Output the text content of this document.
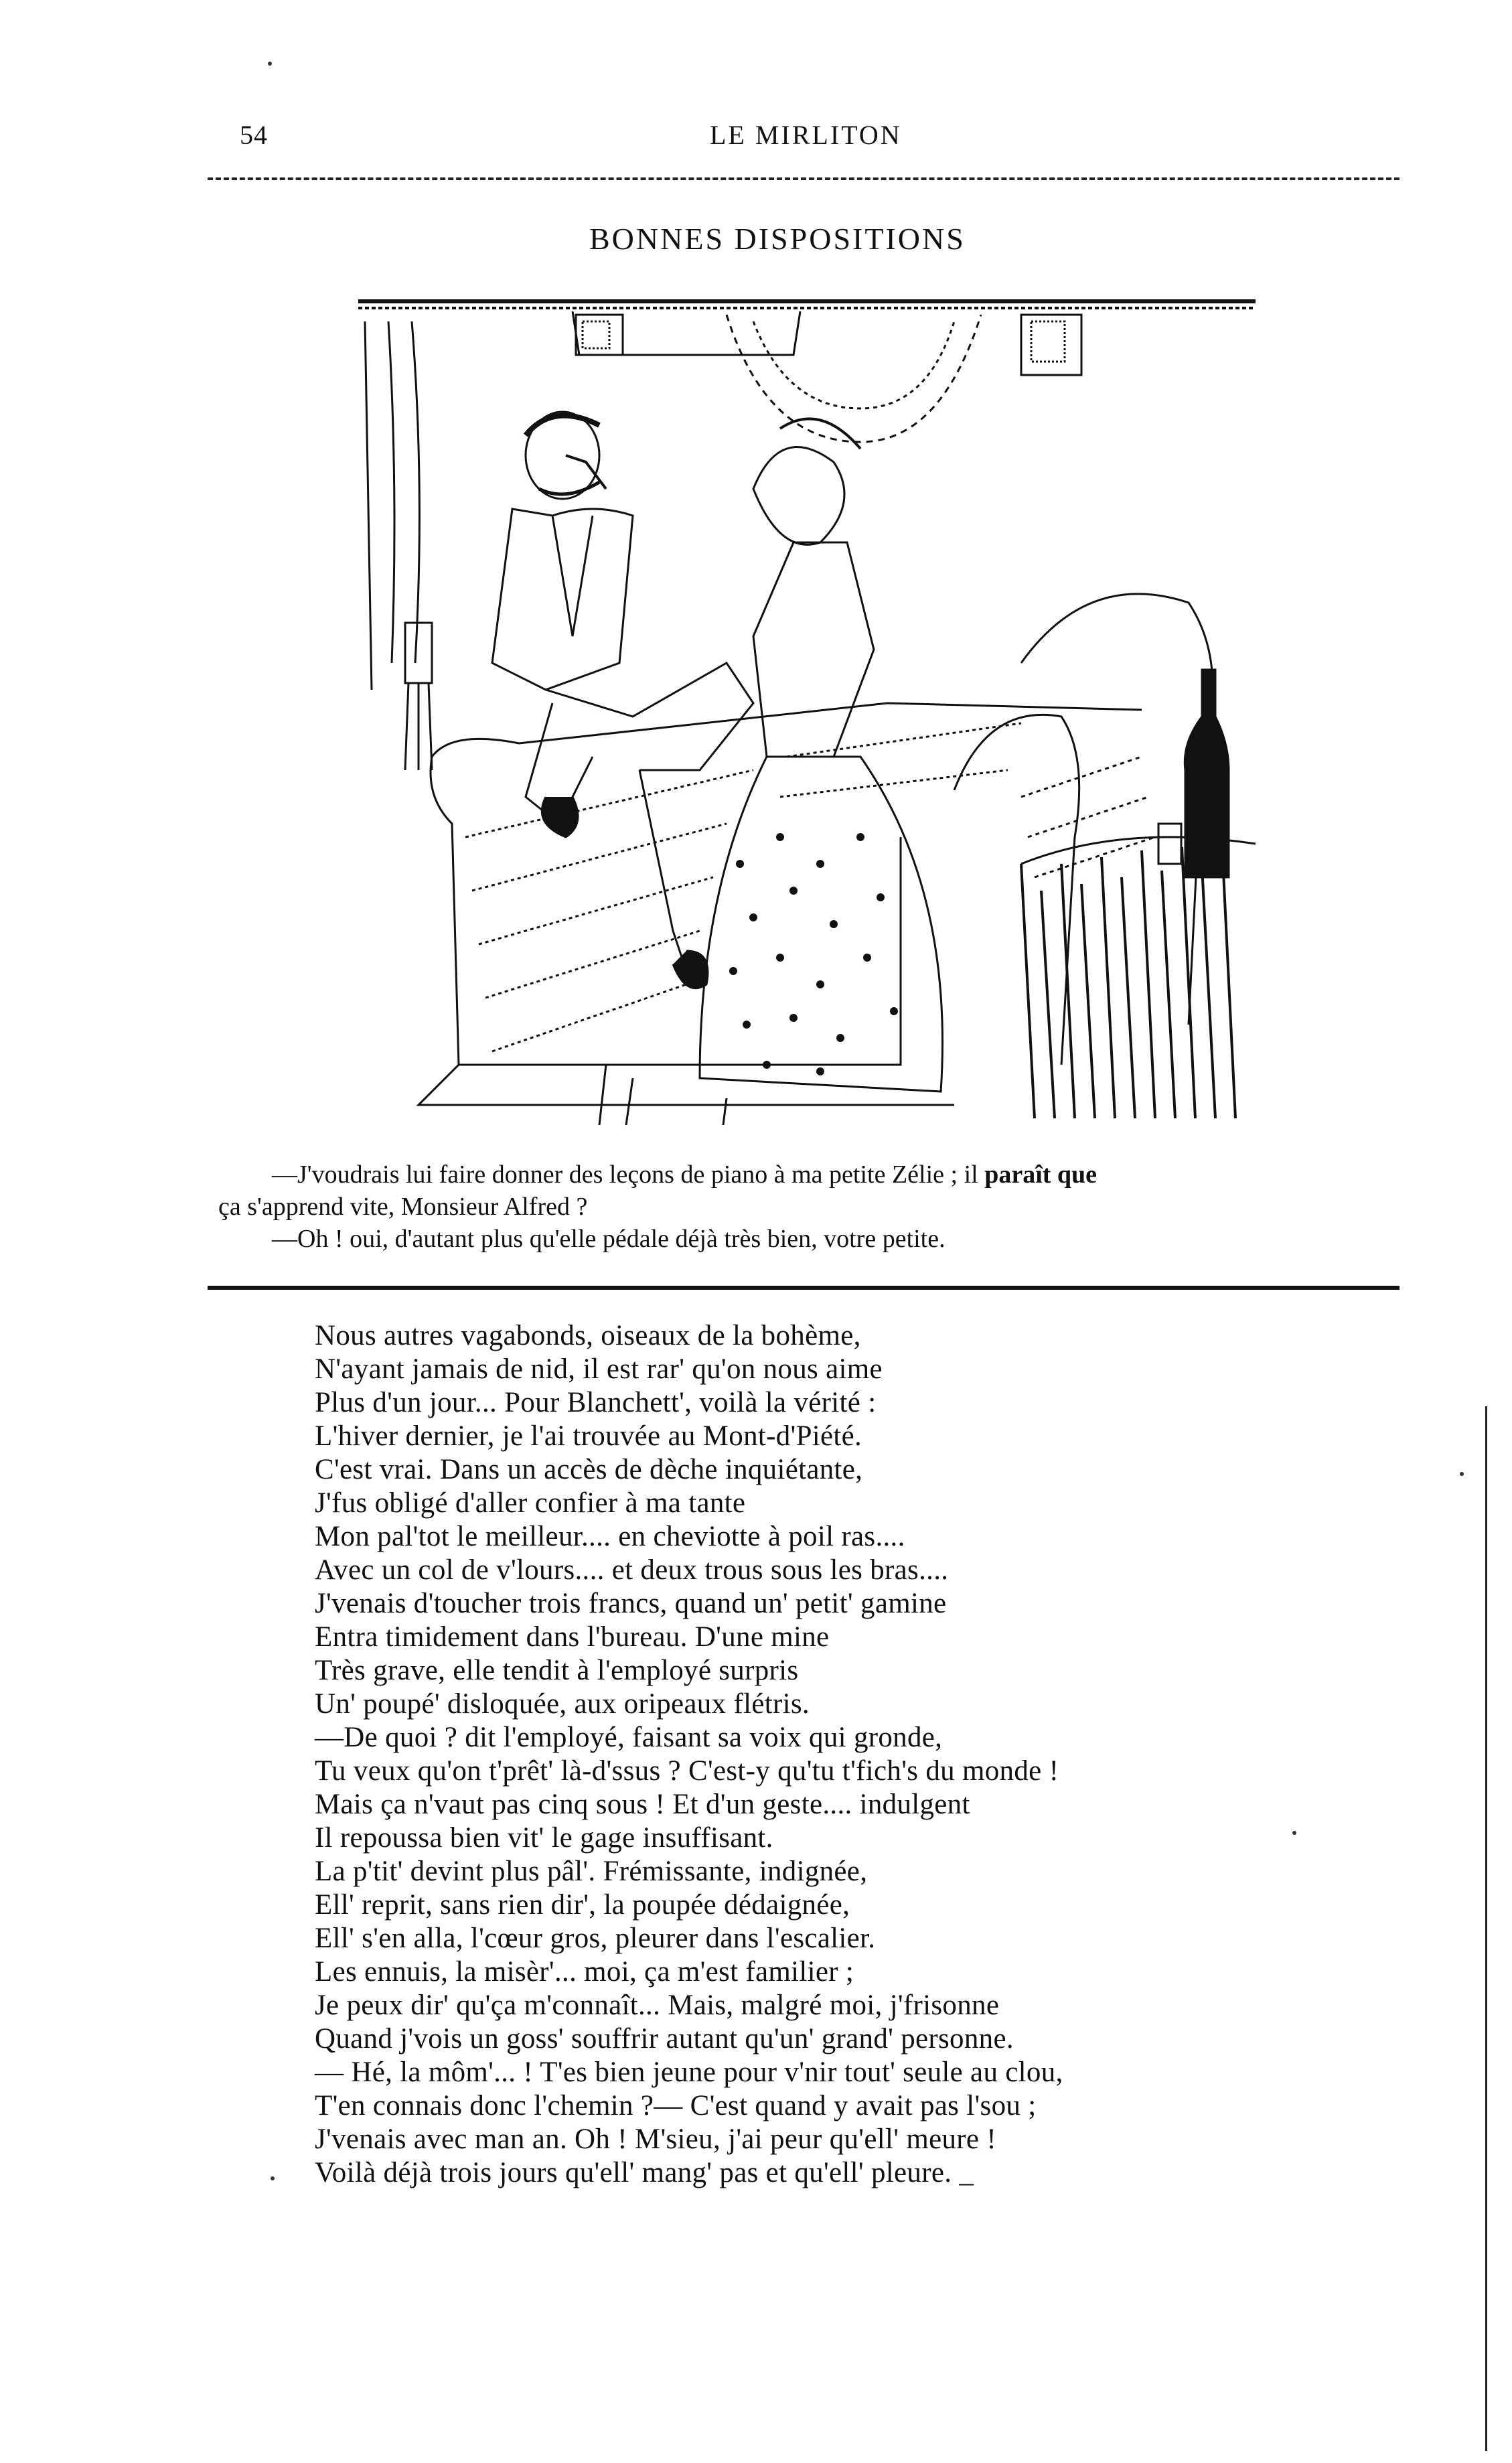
54	LE MIRLITON
BONNES DISPOSITIONS
—J'voudrais lui faire donner des leçons de piano à ma petite Zélie ; il paraît que
ça s'apprend vite, Monsieur Alfred ?
—Oh ! oui, d'autant plus qu'elle pédale déjà très bien, votre petite.
Nous autres vagabonds, oiseaux de la bohème,
N'ayant jamais de nid, il est rar' qu'on nous aime
Plus d'un jour... Pour Blanchett', voilà la vérité :
L'hiver dernier, je l'ai trouvée au Mont-d'Piété.
C'est vrai. Dans un accès de dèche inquiétante,
J'fus obligé d'aller confier à ma tante
Mon pal'tot le meilleur.... en cheviotte à poil ras....
Avec un col de v'lours.... et deux trous sous les bras....
J'venais d'toucher trois francs, quand un' petit' gamine
Entra timidement dans l'bureau. D'une mine
Très grave, elle tendit à l'employé surpris
Un' poupé' disloquée, aux oripeaux flétris.
—De quoi ? dit l'employé, faisant sa voix qui gronde,
Tu veux qu'on t'prêt' là-d'ssus ? C'est-y qu'tu t'fich's du monde !
Mais ça n'vaut pas cinq sous ! Et d'un geste.... indulgent
Il repoussa bien vit' le gage insuffisant.
La p'tit' devint plus pâl'. Frémissante, indignée,
Ell' reprit, sans rien dir', la poupée dédaignée,
Ell' s'en alla, l'cœur gros, pleurer dans l'escalier.
Les ennuis, la misèr'... moi, ça m'est familier ;
Je peux dir' qu'ça m'connaît... Mais, malgré moi, j'frisonne
Quand j'vois un goss' souffrir autant qu'un' grand' personne.
— Hé, la môm'... ! T'es bien jeune pour v'nir tout' seule au clou,
T'en connais donc l'chemin ?— C'est quand y avait pas l'sou ;
J'venais avec man an. Oh ! M'sieu, j'ai peur qu'ell' meure !
Voilà déjà trois jours qu'ell' mang' pas et qu'ell' pleure. _
